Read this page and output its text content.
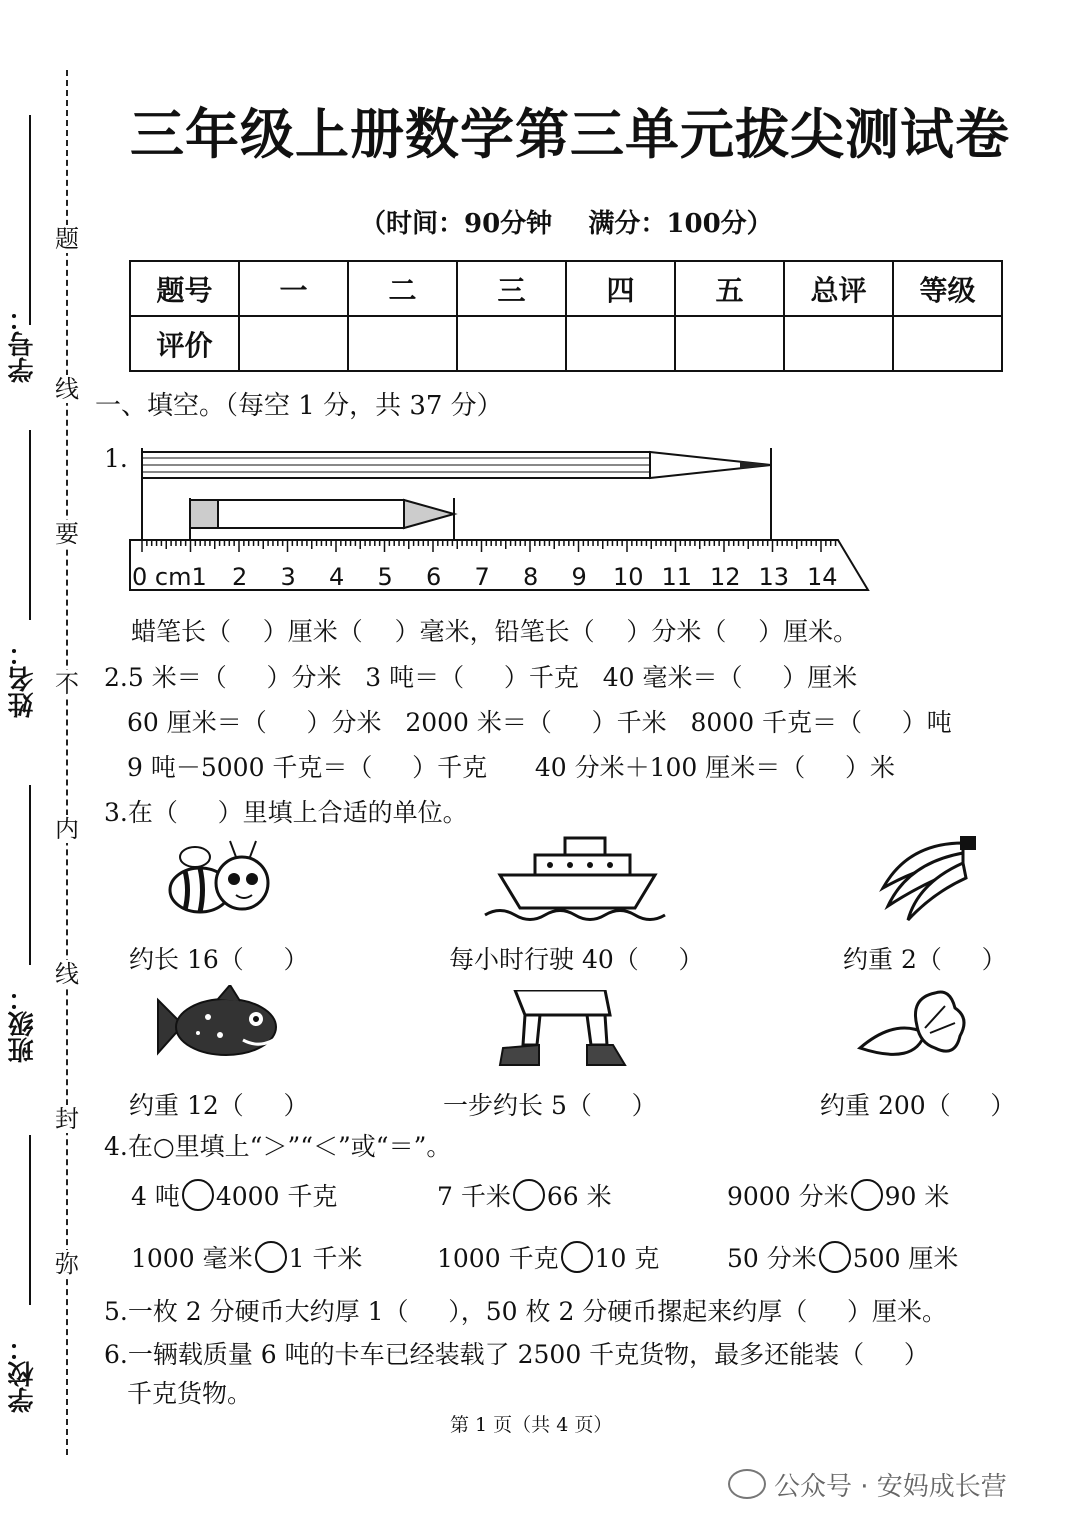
学号：
姓名：
班级：
学校：
题
线
要
不
内
线
封
弥
三年级上册数学第三单元拔尖测试卷
（时间：90分钟    满分：100分）
题号	一	二	三	四	五	总评	等级
评价							
一、填空。（每空 1 分，共 37 分）
1.
0 cm1 2 3 4 5 6 7 8 9 10 11 12 13 14
蜡笔长（    ）厘米（    ）毫米，铅笔长（    ）分米（    ）厘米。
2.5 米＝（     ）分米   3 吨＝（     ）千克   40 毫米＝（     ）厘米
60 厘米＝（     ）分米   2000 米＝（     ）千米   8000 千克＝（     ）吨
9 吨－5000 千克＝（     ）千克      40 分米＋100 厘米＝（     ）米
3.在（     ）里填上合适的单位。
约长 16（     ）	每小时行驶 40（     ）	约重 2（     ）
约重 12（     ）	一步约长 5（     ）	约重 200（     ）
4.在○里填上“＞”“＜”或“＝”。
4 吨 4000 千克	7 千米 66 米	9000 分米 90 米
1000 毫米 1 千米	1000 千克 10 克	50 分米 500 厘米
5.一枚 2 分硬币大约厚 1（     ），50 枚 2 分硬币摞起来约厚（     ）厘米。
6.一辆载质量 6 吨的卡车已经装载了 2500 千克货物，最多还能装（     ）
千克货物。
第 1 页（共 4 页）
公众号 · 安妈成长营
